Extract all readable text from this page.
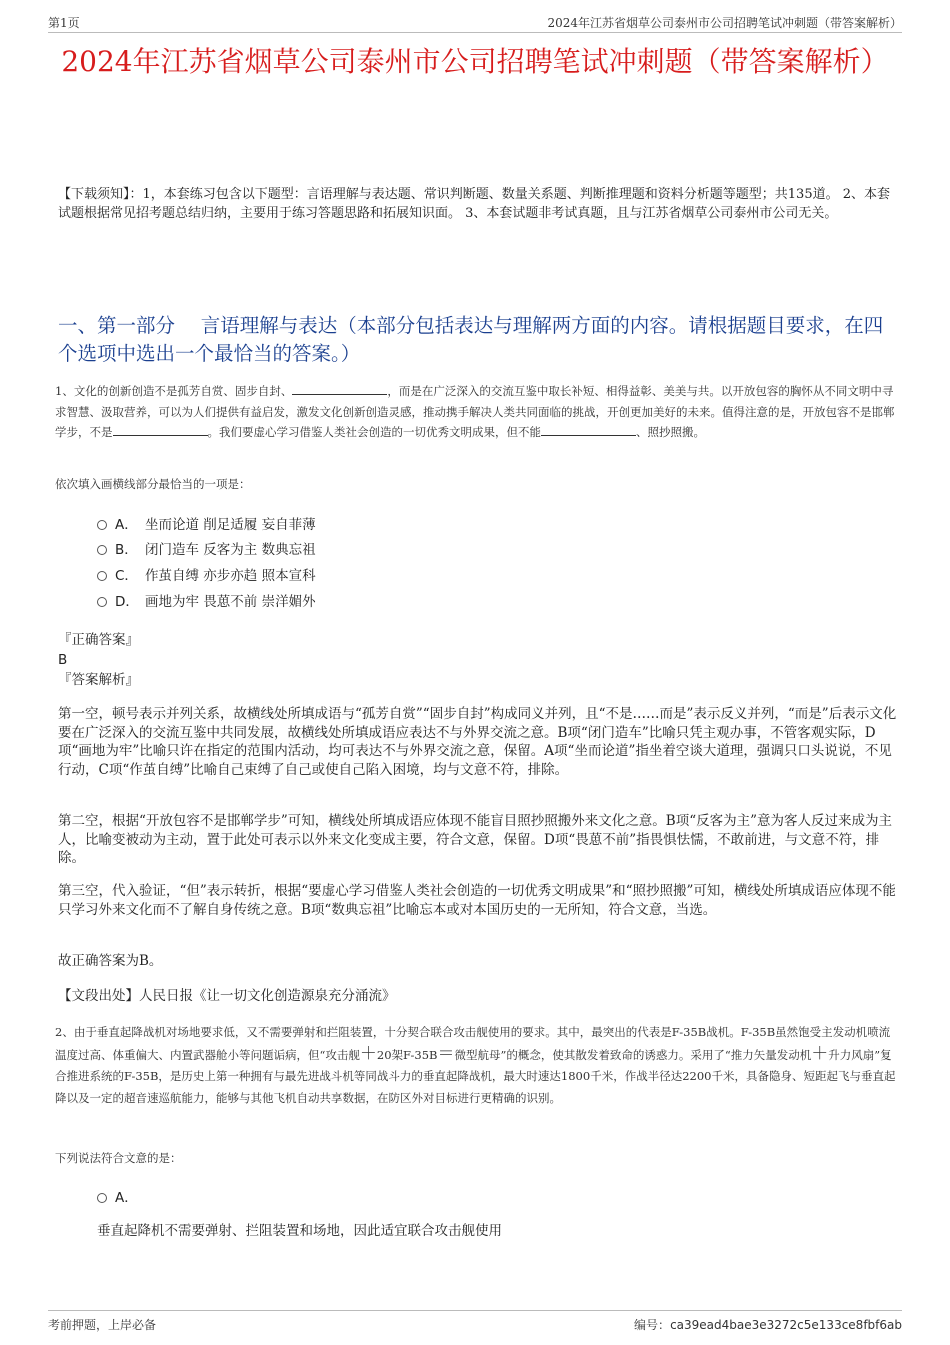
第1页	2024年江苏省烟草公司泰州市公司招聘笔试冲刺题（带答案解析）
2024年江苏省烟草公司泰州市公司招聘笔试冲刺题（带答案解析）
【下载须知】：1，本套练习包含以下题型：言语理解与表达题、常识判断题、数量关系题、判断推理题和资料分析题等题型；共135道。 2、本套试题根据常见招考题总结归纳，主要用于练习答题思路和拓展知识面。 3、本套试题非考试真题，且与江苏省烟草公司泰州市公司无关。
一、第一部分　 言语理解与表达（本部分包括表达与理解两方面的内容。请根据题目要求，在四个选项中选出一个最恰当的答案。）
1、文化的创新创造不是孤芳自赏、固步自封、	，而是在广泛深入的交流互鉴中取长补短、相得益彰、美美与共。以开放包容的胸怀从不同文明中寻求智慧、汲取营养，可以为人们提供有益启发，激发文化创新创造灵感，推动携手解决人类共同面临的挑战，开创更加美好的未来。值得注意的是，开放包容不是邯郸学步，不是	。我们要虚心学习借鉴人类社会创造的一切优秀文明成果，但不能	、照抄照搬。
依次填入画横线部分最恰当的一项是：
A． 坐而论道 削足适履 妄自菲薄
B． 闭门造车 反客为主 数典忘祖
C． 作茧自缚 亦步亦趋 照本宣科
D． 画地为牢 畏葸不前 崇洋媚外
『正确答案』
B
『答案解析』
第一空，顿号表示并列关系，故横线处所填成语与“孤芳自赏”“固步自封”构成同义并列，且“不是……而是”表示反义并列，“而是”后表示文化要在广泛深入的交流互鉴中共同发展，故横线处所填成语应表达不与外界交流之意。B项“闭门造车”比喻只凭主观办事，不管客观实际，D项“画地为牢”比喻只许在指定的范围内活动，均可表达不与外界交流之意，保留。A项“坐而论道”指坐着空谈大道理，强调只口头说说，不见行动，C项“作茧自缚”比喻自己束缚了自己或使自己陷入困境，均与文意不符，排除。
第二空，根据“开放包容不是邯郸学步”可知，横线处所填成语应体现不能盲目照抄照搬外来文化之意。B项“反客为主”意为客人反过来成为主人，比喻变被动为主动，置于此处可表示以外来文化变成主要，符合文意，保留。D项“畏葸不前”指畏惧怯懦，不敢前进，与文意不符，排除。
第三空，代入验证，“但”表示转折，根据“要虚心学习借鉴人类社会创造的一切优秀文明成果”和“照抄照搬”可知，横线处所填成语应体现不能只学习外来文化而不了解自身传统之意。B项“数典忘祖”比喻忘本或对本国历史的一无所知，符合文意，当选。
故正确答案为B。
【文段出处】人民日报《让一切文化创造源泉充分涌流》
2、由于垂直起降战机对场地要求低，又不需要弹射和拦阻装置，十分契合联合攻击舰使用的要求。其中，最突出的代表是F-35B战机。F-35B虽然饱受主发动机喷流温度过高、体重偏大、内置武器舱小等问题诟病，但“攻击舰＋20架F-35B＝微型航母”的概念，使其散发着致命的诱惑力。采用了“推力矢量发动机＋升力风扇”复合推进系统的F-35B，是历史上第一种拥有与最先进战斗机等同战斗力的垂直起降战机，最大时速达1800千米，作战半径达2200千米，具备隐身、短距起飞与垂直起降以及一定的超音速巡航能力，能够与其他飞机自动共享数据，在防区外对目标进行更精确的识别。
下列说法符合文意的是：
A．
垂直起降机不需要弹射、拦阻装置和场地，因此适宜联合攻击舰使用
考前押题，上岸必备	编号：ca39ead4bae3e3272c5e133ce8fbf6ab
